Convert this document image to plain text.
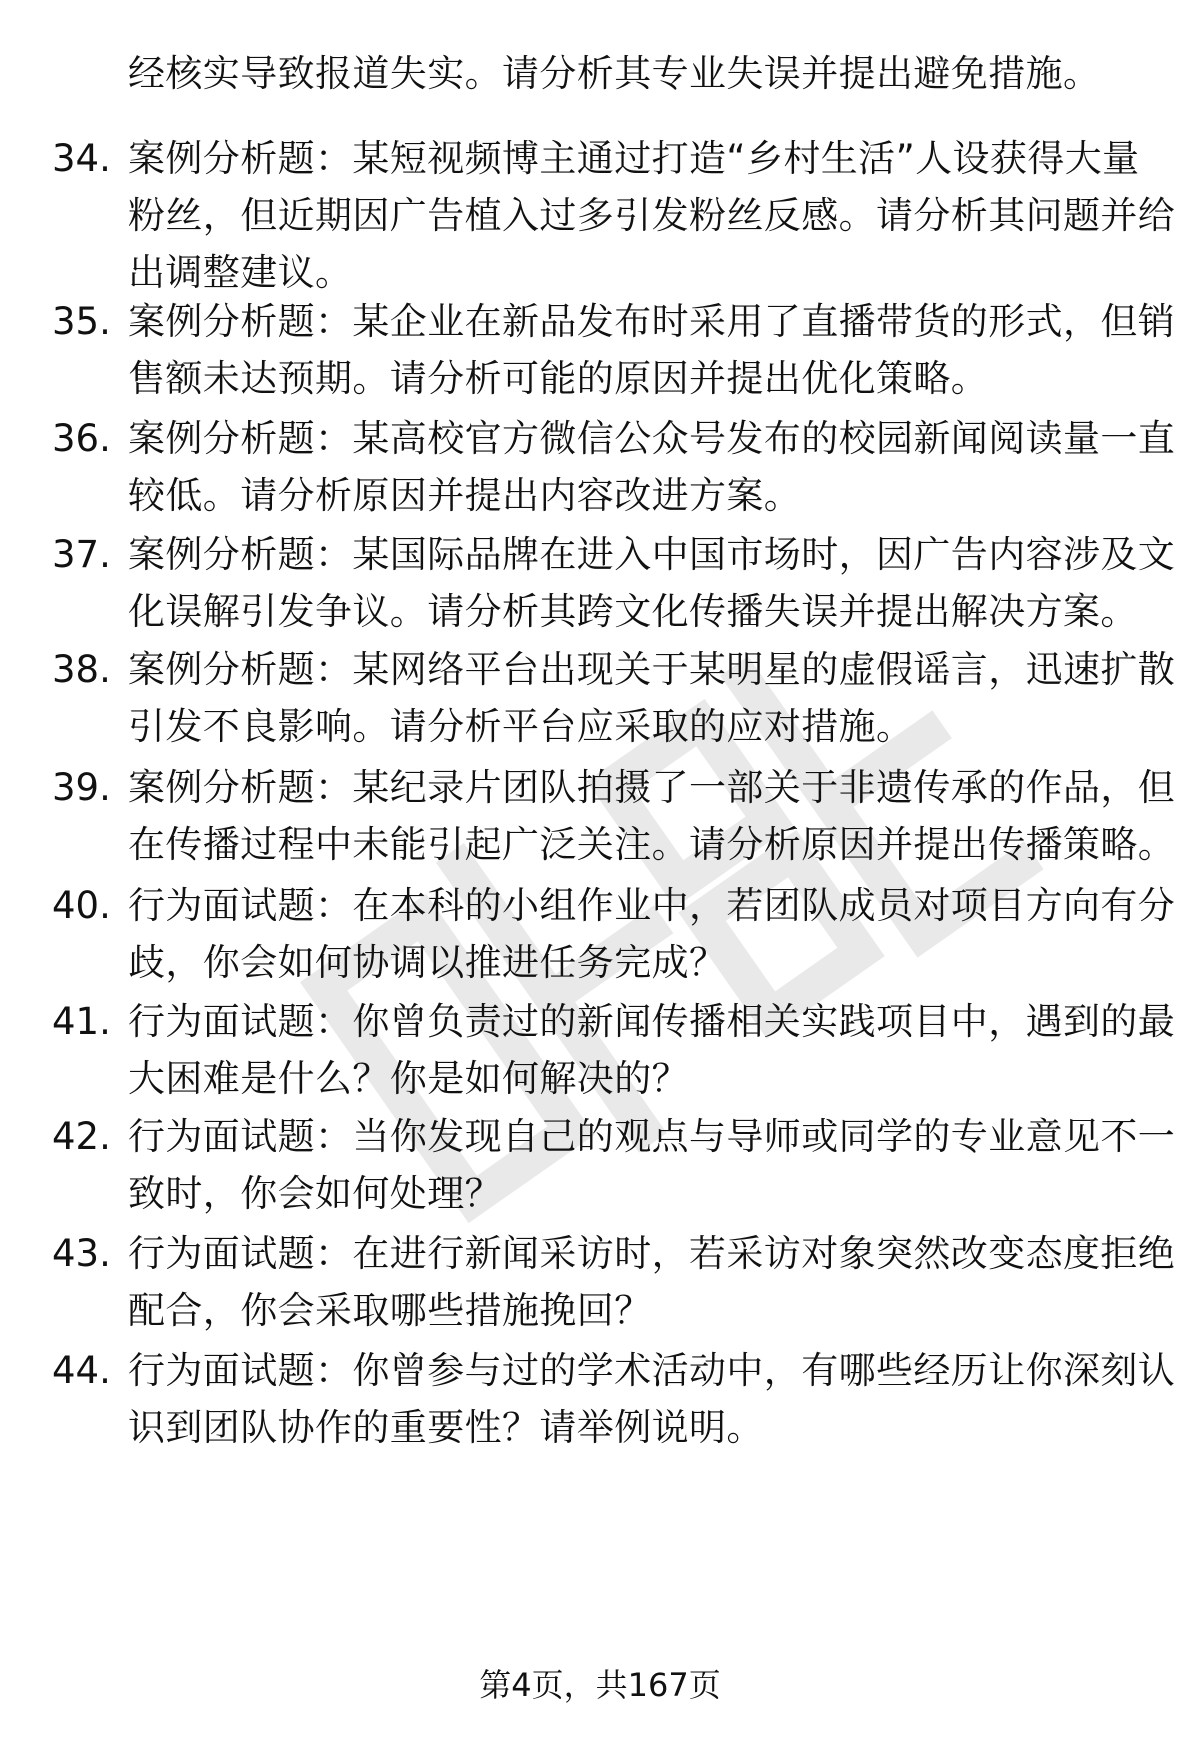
经核实导致报道失实。请分析其专业失误并提出避免措施。
34. 案例分析题：某短视频博主通过打造“乡村生活”人设获得大量
粉丝，但近期因广告植入过多引发粉丝反感。请分析其问题并给
出调整建议。
35. 案例分析题：某企业在新品发布时采用了直播带货的形式，但销
售额未达预期。请分析可能的原因并提出优化策略。
36. 案例分析题：某高校官方微信公众号发布的校园新闻阅读量一直
较低。请分析原因并提出内容改进方案。
37. 案例分析题：某国际品牌在进入中国市场时，因广告内容涉及文
化误解引发争议。请分析其跨文化传播失误并提出解决方案。
38. 案例分析题：某网络平台出现关于某明星的虚假谣言，迅速扩散
引发不良影响。请分析平台应采取的应对措施。
39. 案例分析题：某纪录片团队拍摄了一部关于非遗传承的作品，但
在传播过程中未能引起广泛关注。请分析原因并提出传播策略。
40. 行为面试题：在本科的小组作业中，若团队成员对项目方向有分
歧，你会如何协调以推进任务完成？
41. 行为面试题：你曾负责过的新闻传播相关实践项目中，遇到的最
大困难是什么？你是如何解决的？
42. 行为面试题：当你发现自己的观点与导师或同学的专业意见不一
致时，你会如何处理？
43. 行为面试题：在进行新闻采访时，若采访对象突然改变态度拒绝
配合，你会采取哪些措施挽回？
44. 行为面试题：你曾参与过的学术活动中，有哪些经历让你深刻认
识到团队协作的重要性？请举例说明。
第4页，共167页
